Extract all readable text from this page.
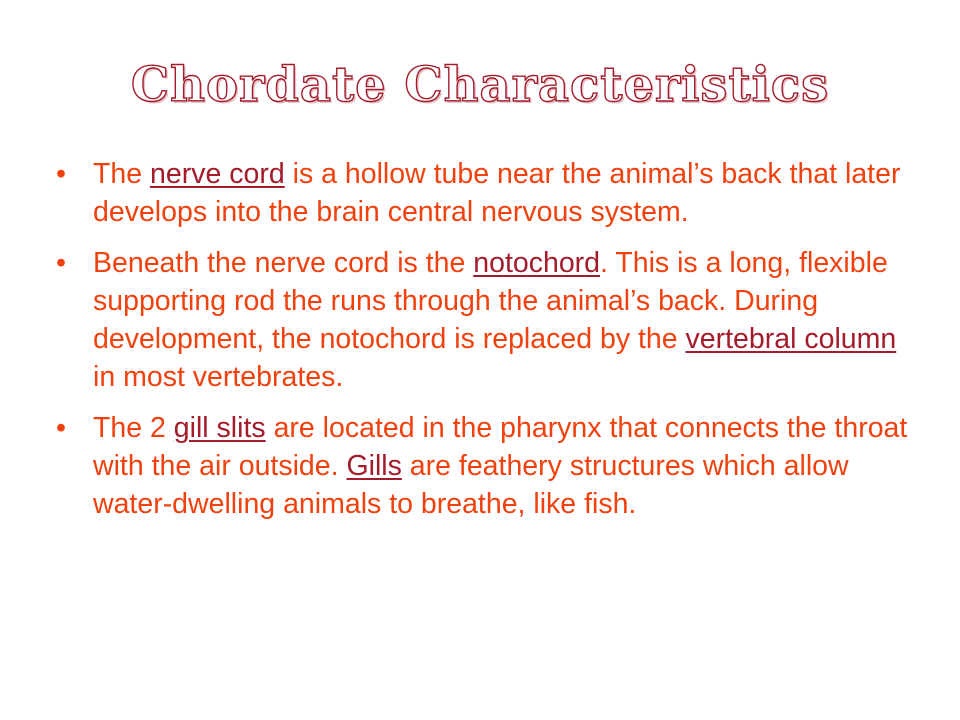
Chordate Characteristics
• The nerve cord is a hollow tube near the animal’s back that later develops into the brain central nervous system.
• Beneath the nerve cord is the notochord. This is a long, flexible supporting rod the runs through the animal’s back. During development, the notochord is replaced by the vertebral column in most vertebrates.
• The 2 gill slits are located in the pharynx that connects the throat with the air outside. Gills are feathery structures which allow water-dwelling animals to breathe, like fish.
